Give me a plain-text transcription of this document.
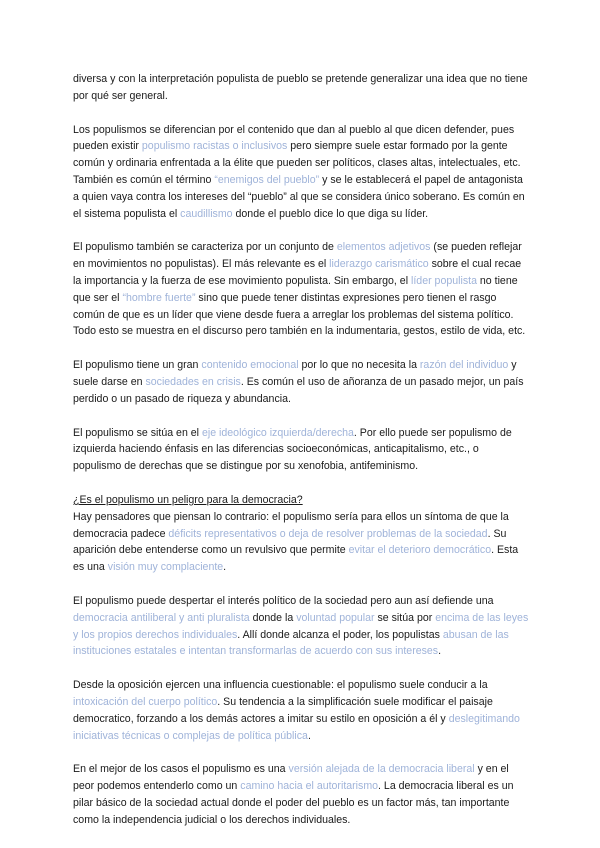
diversa y con la interpretación populista de pueblo se pretende generalizar una idea que no tiene por qué ser general.

Los populismos se diferencian por el contenido que dan al pueblo al que dicen defender, pues pueden existir populismo racistas o inclusivos pero siempre suele estar formado por la gente común y ordinaria enfrentada a la élite que pueden ser políticos, clases altas, intelectuales, etc. También es común el término “enemigos del pueblo” y se le establecerá el papel de antagonista a quien vaya contra los intereses del “pueblo” al que se considera único soberano. Es común en el sistema populista el caudillismo donde el pueblo dice lo que diga su líder.

El populismo también se caracteriza por un conjunto de elementos adjetivos (se pueden reflejar en movimientos no populistas). El más relevante es el liderazgo carismático sobre el cual recae la importancia y la fuerza de ese movimiento populista. Sin embargo, el líder populista no tiene que ser el “hombre fuerte” sino que puede tener distintas expresiones pero tienen el rasgo común de que es un líder que viene desde fuera a arreglar los problemas del sistema político. Todo esto se muestra en el discurso pero también en la indumentaria, gestos, estilo de vida, etc.

El populismo tiene un gran contenido emocional por lo que no necesita la razón del individuo y suele darse en sociedades en crisis. Es común el uso de añoranza de un pasado mejor, un país perdido o un pasado de riqueza y abundancia.

El populismo se sitúa en el eje ideológico izquierda/derecha. Por ello puede ser populismo de izquierda haciendo énfasis en las diferencias socioeconómicas, anticapitalismo, etc., o populismo de derechas que se distingue por su xenofobia, antifeminismo.

¿Es el populismo un peligro para la democracia?
Hay pensadores que piensan lo contrario: el populismo sería para ellos un síntoma de que la democracia padece déficits representativos o deja de resolver problemas de la sociedad. Su aparición debe entenderse como un revulsivo que permite evitar el deterioro democrático. Esta es una visión muy complaciente.

El populismo puede despertar el interés político de la sociedad pero aun así defiende una democracia antiliberal y anti pluralista donde la voluntad popular se sitúa por encima de las leyes y los propios derechos individuales. Allí donde alcanza el poder, los populistas abusan de las instituciones estatales e intentan transformarlas de acuerdo con sus intereses.

Desde la oposición ejercen una influencia cuestionable: el populismo suele conducir a la intoxicación del cuerpo político. Su tendencia a la simplificación suele modificar el paisaje democratico, forzando a los demás actores a imitar su estilo en oposición a él y deslegitimando iniciativas técnicas o complejas de política pública.

En el mejor de los casos el populismo es una versión alejada de la democracia liberal y en el peor podemos entenderlo como un camino hacia el autoritarismo. La democracia liberal es un pilar básico de la sociedad actual donde el poder del pueblo es un factor más, tan importante como la independencia judicial o los derechos individuales.
